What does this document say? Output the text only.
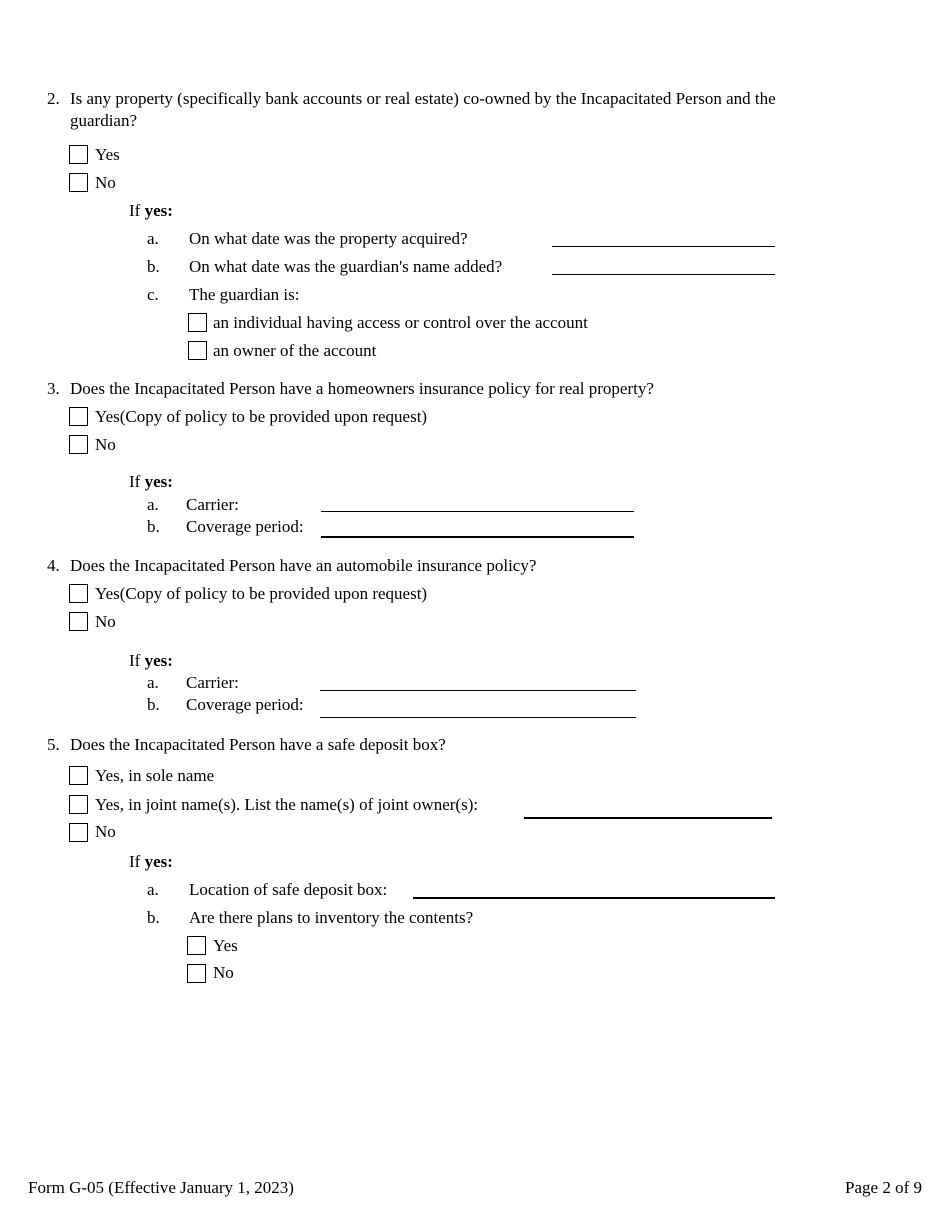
2. Is any property (specifically bank accounts or real estate) co-owned by the Incapacitated Person and the
guardian?
Yes
No
If yes:
a. On what date was the property acquired?
b. On what date was the guardian's name added?
c. The guardian is:
an individual having access or control over the account
an owner of the account
3. Does the Incapacitated Person have a homeowners insurance policy for real property?
Yes(Copy of policy to be provided upon request)
No
If yes:
a. Carrier:
b. Coverage period:
4. Does the Incapacitated Person have an automobile insurance policy?
Yes(Copy of policy to be provided upon request)
No
If yes:
a. Carrier:
b. Coverage period:
5. Does the Incapacitated Person have a safe deposit box?
Yes, in sole name
Yes, in joint name(s). List the name(s) of joint owner(s):
No
If yes:
a. Location of safe deposit box:
b. Are there plans to inventory the contents?
Yes
No
Form G-05 (Effective January 1, 2023)	Page 2 of 9
